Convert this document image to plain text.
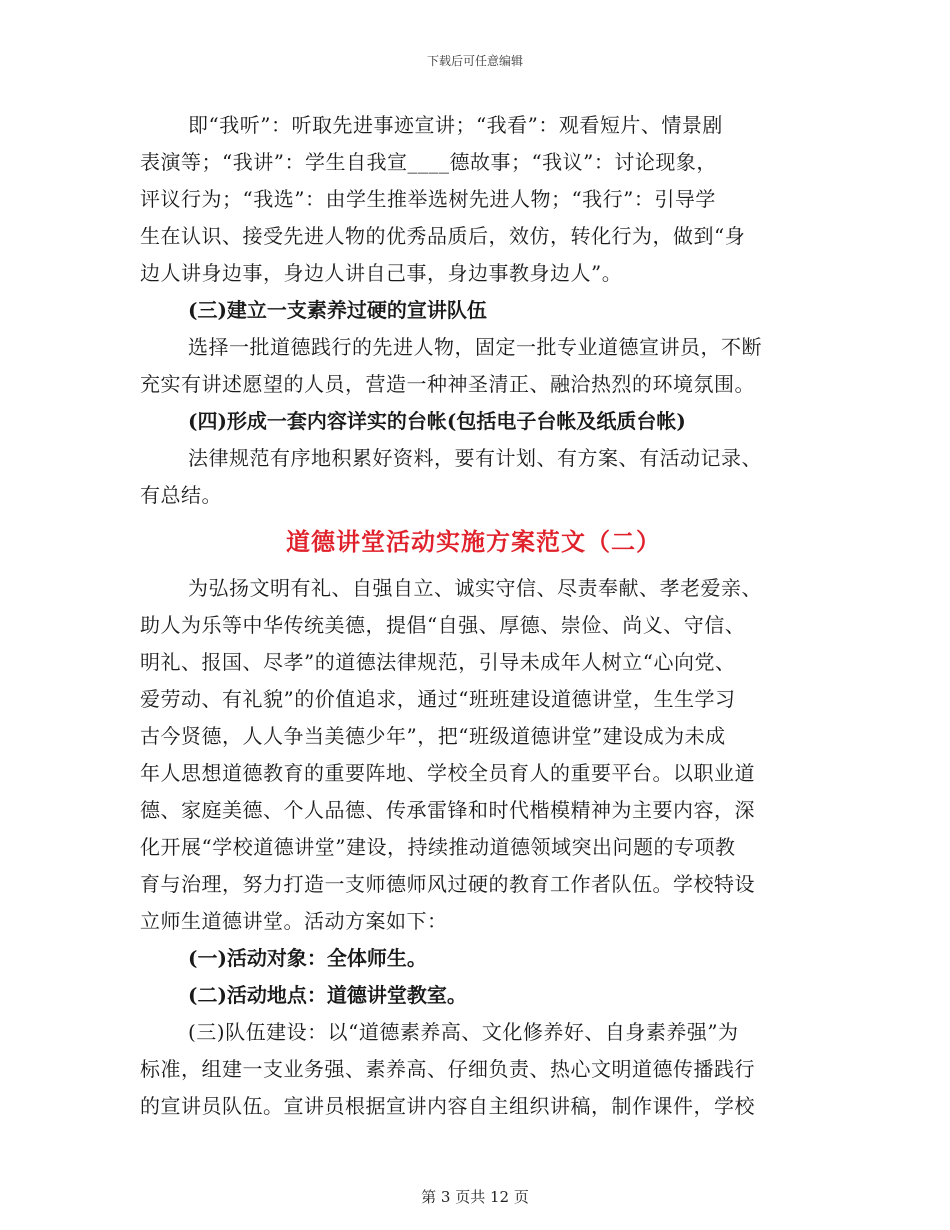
下载后可任意编辑
即“我听”：听取先进事迹宣讲；“我看”：观看短片、情景剧
表演等；“我讲”：学生自我宣____德故事；“我议”：讨论现象，
评议行为；“我选”：由学生推举选树先进人物；“我行”：引导学
生在认识、接受先进人物的优秀品质后，效仿，转化行为，做到“身
边人讲身边事，身边人讲自己事，身边事教身边人”。
(三)建立一支素养过硬的宣讲队伍
选择一批道德践行的先进人物，固定一批专业道德宣讲员，不断
充实有讲述愿望的人员，营造一种神圣清正、融洽热烈的环境氛围。
(四)形成一套内容详实的台帐(包括电子台帐及纸质台帐)
法律规范有序地积累好资料，要有计划、有方案、有活动记录、
有总结。
道德讲堂活动实施方案范文（二）
为弘扬文明有礼、自强自立、诚实守信、尽责奉献、孝老爱亲、
助人为乐等中华传统美德，提倡“自强、厚德、崇俭、尚义、守信、
明礼、报国、尽孝”的道德法律规范，引导未成年人树立“心向党、
爱劳动、有礼貌”的价值追求，通过“班班建设道德讲堂，生生学习
古今贤德，人人争当美德少年”，把“班级道德讲堂”建设成为未成
年人思想道德教育的重要阵地、学校全员育人的重要平台。以职业道
德、家庭美德、个人品德、传承雷锋和时代楷模精神为主要内容，深
化开展“学校道德讲堂”建设，持续推动道德领域突出问题的专项教
育与治理，努力打造一支师德师风过硬的教育工作者队伍。学校特设
立师生道德讲堂。活动方案如下：
(一)活动对象：全体师生。
(二)活动地点：道德讲堂教室。
(三)队伍建设：以“道德素养高、文化修养好、自身素养强”为
标准，组建一支业务强、素养高、仔细负责、热心文明道德传播践行
的宣讲员队伍。宣讲员根据宣讲内容自主组织讲稿，制作课件，学校
第 3 页共 12 页
